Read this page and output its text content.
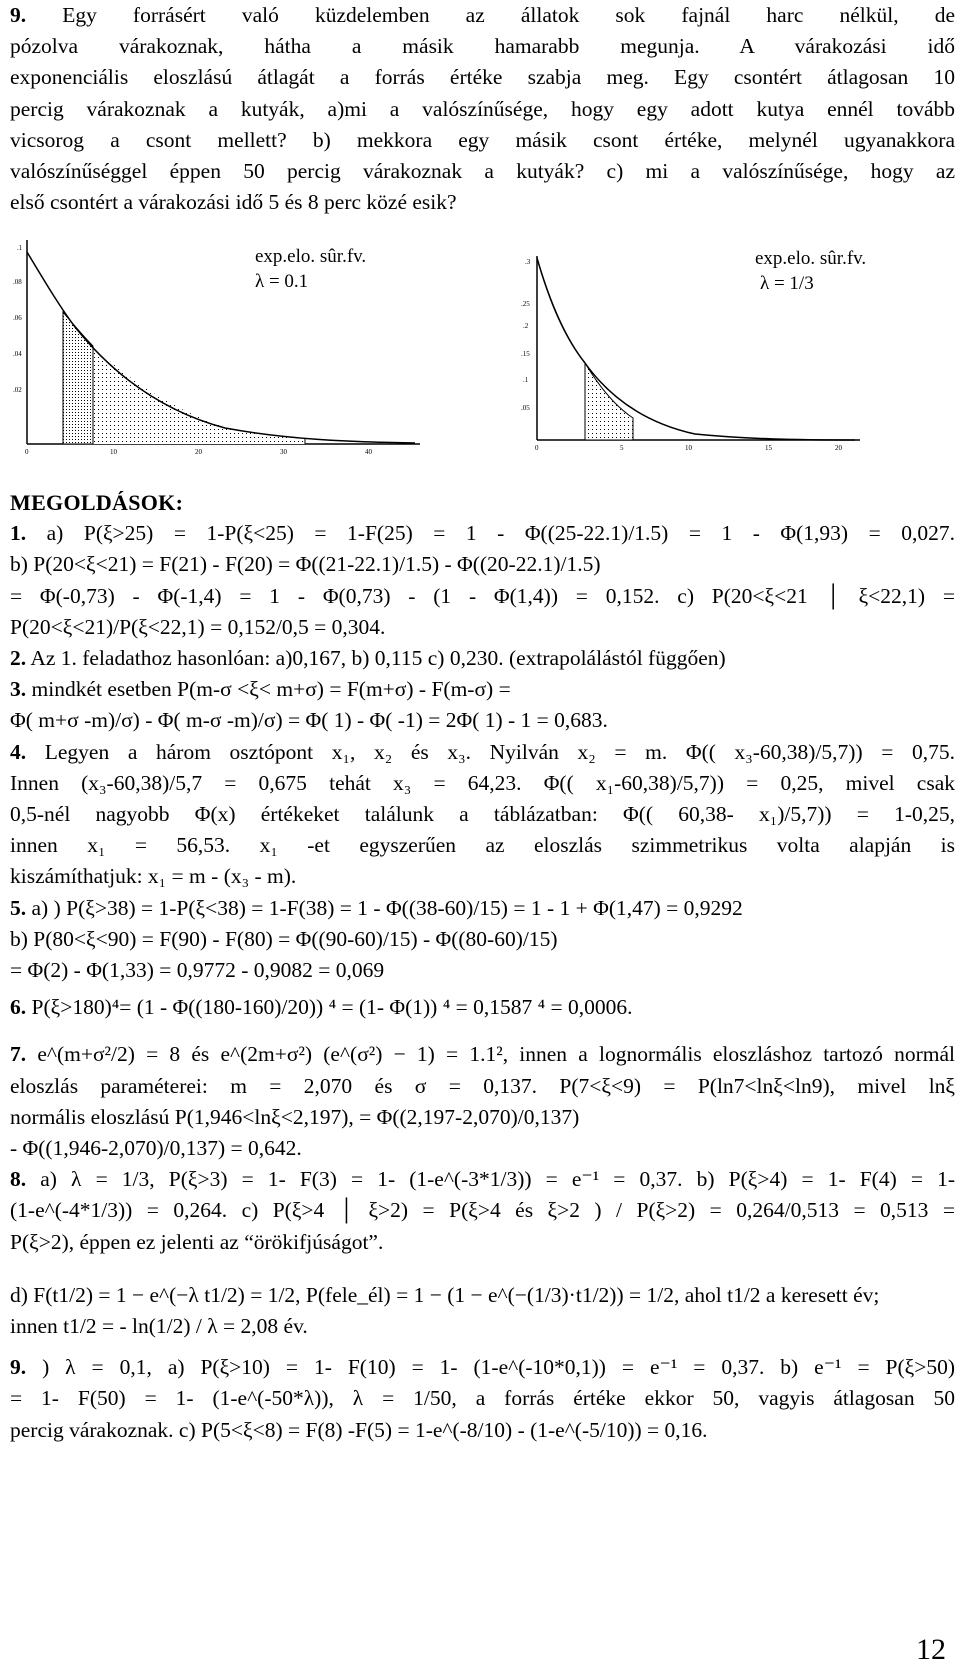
9. Egy forrásért való küzdelemben az állatok sok fajnál harc nélkül, de
pózolva várakoznak, hátha a másik hamarabb megunja. A várakozási idő
exponenciális eloszlású átlagát a forrás értéke szabja meg. Egy csontért átlagosan 10
percig várakoznak a kutyák, a)mi a valószínűsége, hogy egy adott kutya ennél tovább
vicsorog a csont mellett? b) mekkora egy másik csont értéke, melynél ugyanakkora
valószínűséggel éppen 50 percig várakoznak a kutyák? c) mi a valószínűsége, hogy az
első csontért a várakozási idő 5 és 8 perc közé esik?
.1
.08
.06
.04
.02
0	10	20	30	40
exp.elo. sûr.fv.
λ = 0.1
.3
.25
.2
.15
.1
.05
0	5	10	15	20
exp.elo. sûr.fv.
λ = 1/3
MEGOLDÁSOK:
1. a) P(ξ>25) = 1-P(ξ<25) = 1-F(25) = 1 - Φ((25-22.1)/1.5) = 1 - Φ(1,93) = 0,027.
b) P(20<ξ<21) = F(21) - F(20) = Φ((21-22.1)/1.5) - Φ((20-22.1)/1.5)
= Φ(-0,73) - Φ(-1,4) = 1 - Φ(0,73) - (1 - Φ(1,4)) = 0,152. c) P(20<ξ<21 │ ξ<22,1) =
P(20<ξ<21)/P(ξ<22,1) = 0,152/0,5 = 0,304.
2. Az 1. feladathoz hasonlóan: a)0,167, b) 0,115 c) 0,230. (extrapolálástól függően)
3. mindkét esetben P(m-σ <ξ< m+σ) = F(m+σ) - F(m-σ) =
Φ( m+σ -m)/σ) - Φ( m-σ -m)/σ) = Φ( 1) - Φ( -1) = 2Φ( 1) - 1 = 0,683.
4. Legyen a három osztópont x₁, x₂ és x₃. Nyilván x₂ = m. Φ(( x₃-60,38)/5,7)) = 0,75.
Innen (x₃-60,38)/5,7 = 0,675 tehát x₃ = 64,23. Φ(( x₁-60,38)/5,7)) = 0,25, mivel csak
0,5-nél nagyobb Φ(x) értékeket találunk a táblázatban: Φ(( 60,38- x₁)/5,7)) = 1-0,25,
innen x₁ = 56,53. x₁ -et egyszerűen az eloszlás szimmetrikus volta alapján is
kiszámíthatjuk: x₁ = m - (x₃ - m).
5. a) ) P(ξ>38) = 1-P(ξ<38) = 1-F(38) = 1 - Φ((38-60)/15) = 1 - 1 + Φ(1,47) = 0,9292
b) P(80<ξ<90) = F(90) - F(80) = Φ((90-60)/15) - Φ((80-60)/15)
= Φ(2) - Φ(1,33) = 0,9772 - 0,9082 = 0,069
6. P(ξ>180)⁴= (1 - Φ((180-160)/20)) ⁴ = (1- Φ(1)) ⁴ = 0,1587 ⁴ = 0,0006.
7. e^(m+σ²/2) = 8 és e^(2m+σ²) (e^(σ²) − 1) = 1.1², innen a lognormális eloszláshoz tartozó normál
eloszlás paraméterei: m = 2,070 és σ = 0,137. P(7<ξ<9) = P(ln7<lnξ<ln9), mivel lnξ
normális eloszlású P(1,946<lnξ<2,197), = Φ((2,197-2,070)/0,137)
- Φ((1,946-2,070)/0,137) = 0,642.
8. a) λ = 1/3, P(ξ>3) = 1- F(3) = 1- (1-e^(-3*1/3)) = e⁻¹ = 0,37. b) P(ξ>4) = 1- F(4) = 1-
(1-e^(-4*1/3)) = 0,264. c) P(ξ>4 │ ξ>2) = P(ξ>4 és ξ>2 ) / P(ξ>2) = 0,264/0,513 = 0,513 =
P(ξ>2), éppen ez jelenti az “örökifjúságot”.
d) F(t1/2) = 1 − e^(−λ t1/2) = 1/2, P(fele_él) = 1 − (1 − e^(−(1/3)·t1/2)) = 1/2, ahol t1/2 a keresett év;
innen t1/2 = - ln(1/2) / λ = 2,08 év.
9. ) λ = 0,1, a) P(ξ>10) = 1- F(10) = 1- (1-e^(-10*0,1)) = e⁻¹ = 0,37. b) e⁻¹ = P(ξ>50)
= 1- F(50) = 1- (1-e^(-50*λ)), λ = 1/50, a forrás értéke ekkor 50, vagyis átlagosan 50
percig várakoznak. c) P(5<ξ<8) = F(8) -F(5) = 1-e^(-8/10) - (1-e^(-5/10)) = 0,16.
12
